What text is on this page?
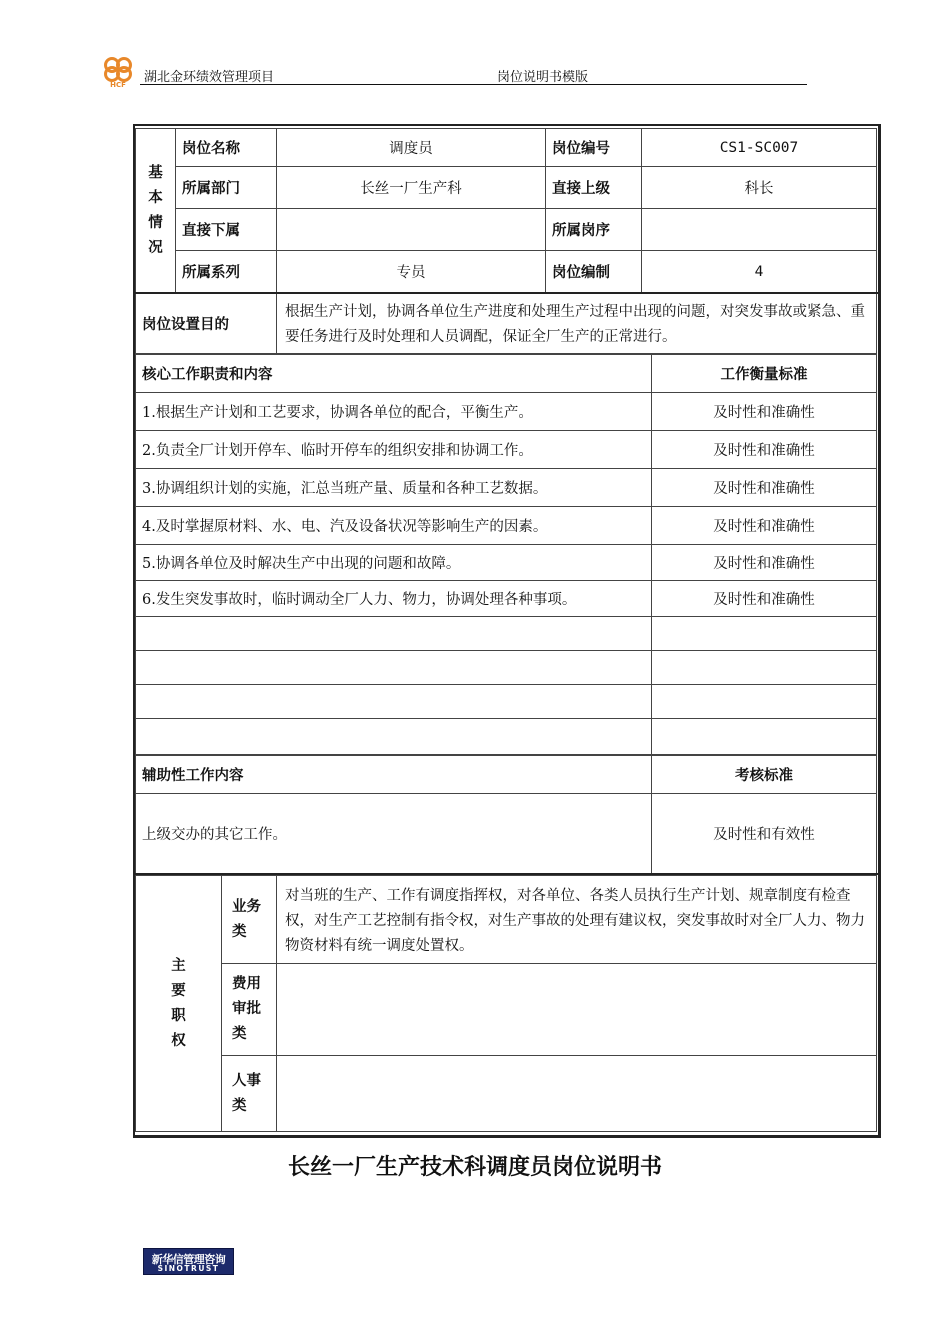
HCF 湖北金环绩效管理项目	岗位说明书模版
基
本
情
况	岗位名称	调度员	岗位编号	CS1-SC007
	所属部门	长丝一厂生产科	直接上级	科长
	直接下属		所属岗序	
	所属系列	专员	岗位编制	4
岗位设置目的	根据生产计划，协调各单位生产进度和处理生产过程中出现的问题，对突发事故或紧急、重要任务进行及时处理和人员调配，保证全厂生产的正常进行。
核心工作职责和内容	工作衡量标准
1.根据生产计划和工艺要求，协调各单位的配合，平衡生产。	及时性和准确性
2.负责全厂计划开停车、临时开停车的组织安排和协调工作。	及时性和准确性
3.协调组织计划的实施，汇总当班产量、质量和各种工艺数据。	及时性和准确性
4.及时掌握原材料、水、电、汽及设备状况等影响生产的因素。	及时性和准确性
5.协调各单位及时解决生产中出现的问题和故障。	及时性和准确性
6.发生突发事故时，临时调动全厂人力、物力，协调处理各种事项。	及时性和准确性

辅助性工作内容	考核标准
上级交办的其它工作。	及时性和有效性
主
要
职
权	业务类	对当班的生产、工作有调度指挥权，对各单位、各类人员执行生产计划、规章制度有检查权，对生产工艺控制有指令权，对生产事故的处理有建议权，突发事故时对全厂人力、物力物资材料有统一调度处置权。
	费用审批类	
	人事类	
长丝一厂生产技术科调度员岗位说明书
新华信管理咨询
SINOTRUST
